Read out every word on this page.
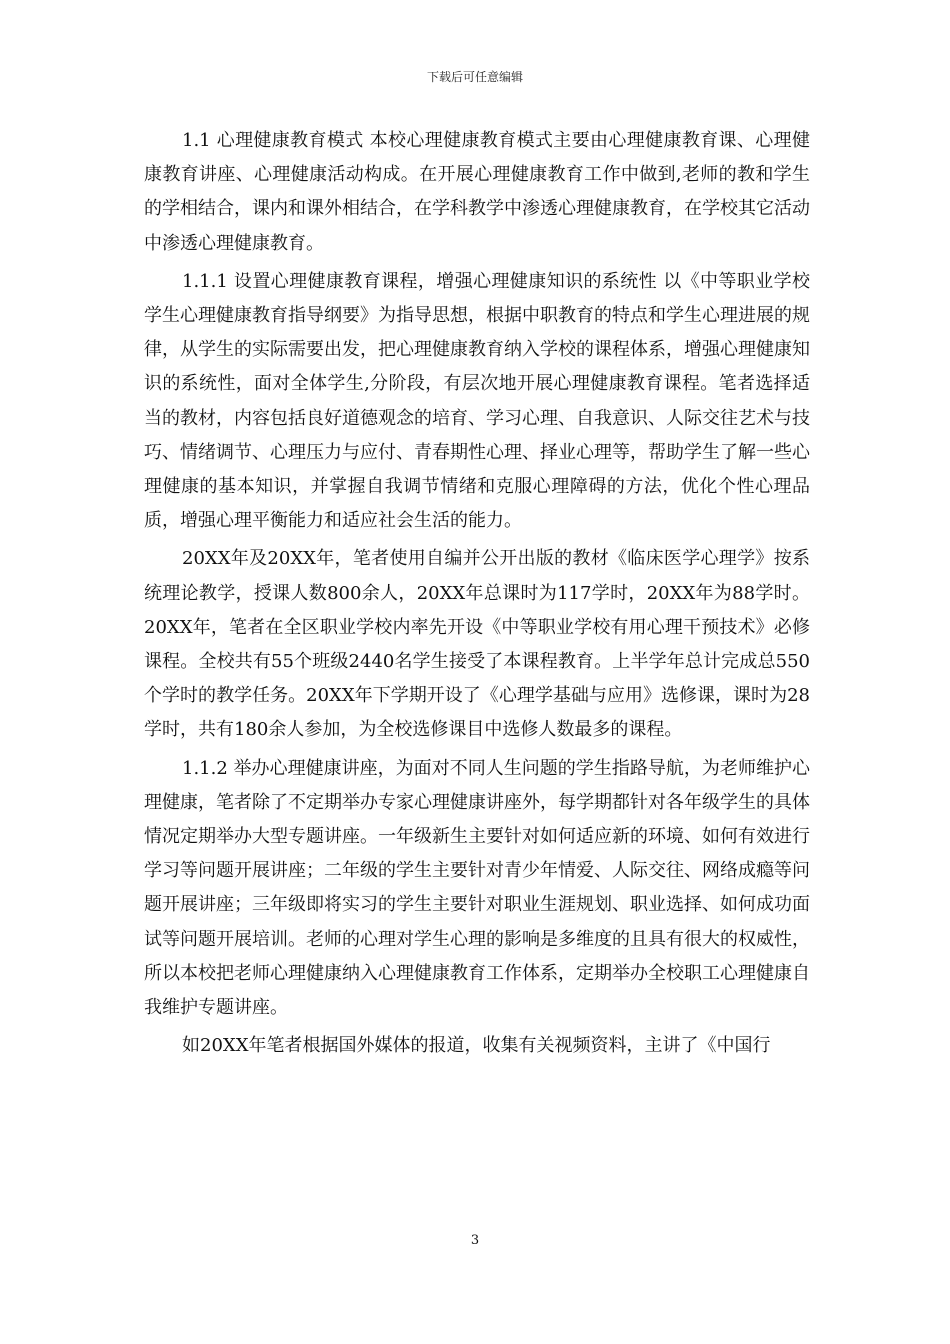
下载后可任意编辑

1.1 心理健康教育模式 本校心理健康教育模式主要由心理健康教育课、心理健康教育讲座、心理健康活动构成。在开展心理健康教育工作中做到,老师的教和学生的学相结合，课内和课外相结合，在学科教学中渗透心理健康教育，在学校其它活动中渗透心理健康教育。

1.1.1 设置心理健康教育课程，增强心理健康知识的系统性 以《中等职业学校学生心理健康教育指导纲要》为指导思想，根据中职教育的特点和学生心理进展的规律，从学生的实际需要出发，把心理健康教育纳入学校的课程体系，增强心理健康知识的系统性，面对全体学生,分阶段，有层次地开展心理健康教育课程。笔者选择适当的教材，内容包括良好道德观念的培育、学习心理、自我意识、人际交往艺术与技巧、情绪调节、心理压力与应付、青春期性心理、择业心理等，帮助学生了解一些心理健康的基本知识，并掌握自我调节情绪和克服心理障碍的方法，优化个性心理品质，增强心理平衡能力和适应社会生活的能力。

20XX年及20XX年，笔者使用自编并公开出版的教材《临床医学心理学》按系统理论教学，授课人数800余人，20XX年总课时为117学时，20XX年为88学时。20XX年，笔者在全区职业学校内率先开设《中等职业学校有用心理干预技术》必修课程。全校共有55个班级2440名学生接受了本课程教育。上半学年总计完成总550个学时的教学任务。20XX年下学期开设了《心理学基础与应用》选修课，课时为28学时，共有180余人参加，为全校选修课目中选修人数最多的课程。

1.1.2 举办心理健康讲座，为面对不同人生问题的学生指路导航，为老师维护心理健康，笔者除了不定期举办专家心理健康讲座外，每学期都针对各年级学生的具体情况定期举办大型专题讲座。一年级新生主要针对如何适应新的环境、如何有效进行学习等问题开展讲座；二年级的学生主要针对青少年情爱、人际交往、网络成瘾等问题开展讲座；三年级即将实习的学生主要针对职业生涯规划、职业选择、如何成功面试等问题开展培训。老师的心理对学生心理的影响是多维度的且具有很大的权威性，所以本校把老师心理健康纳入心理健康教育工作体系，定期举办全校职工心理健康自我维护专题讲座。

如20XX年笔者根据国外媒体的报道，收集有关视频资料，主讲了《中国行

3
